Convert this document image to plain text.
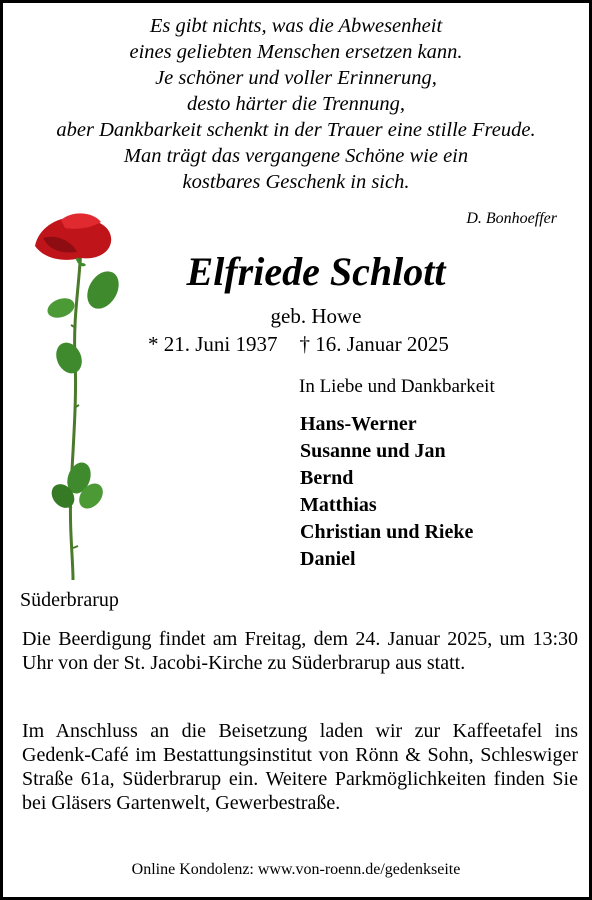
Es gibt nichts, was die Abwesenheit
eines geliebten Menschen ersetzen kann.
Je schöner und voller Erinnerung,
desto härter die Trennung,
aber Dankbarkeit schenkt in der Trauer eine stille Freude.
Man trägt das vergangene Schöne wie ein
kostbares Geschenk in sich.
D. Bonhoeffer
Elfriede Schlott
geb. Howe
* 21. Juni 1937 † 16. Januar 2025
In Liebe und Dankbarkeit
Hans-Werner
Susanne und Jan
Bernd
Matthias
Christian und Rieke
Daniel
Süderbrarup
Die Beerdigung findet am Freitag, dem 24. Januar 2025, um 13:30 Uhr von der St. Jacobi-Kirche zu Süderbrarup aus statt.
Im Anschluss an die Beisetzung laden wir zur Kaffeetafel ins Gedenk-Café im Bestattungsinstitut von Rönn & Sohn, Schleswiger Straße 61a, Süderbrarup ein. Weitere Parkmöglichkeiten finden Sie bei Gläsers Gartenwelt, Gewerbestraße.
Online Kondolenz: www.von-roenn.de/gedenkseite
